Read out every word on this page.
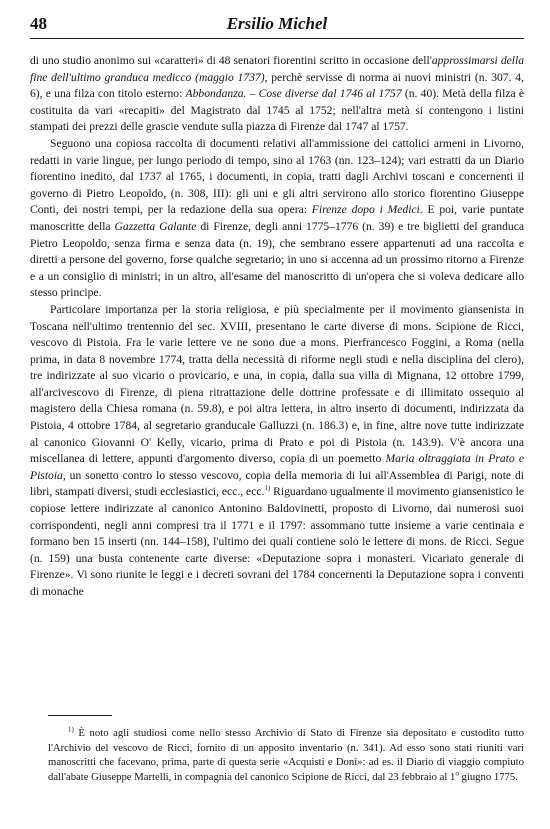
48	Ersilio Michel

di uno studio anonimo sui «caratteri» di 48 senatori fiorentini scritto in occasione dell'approssimarsi della fine dell'ultimo granduca medicco (maggio 1737), perchè servisse di norma ai nuovi ministri (n. 307. 4, 6), e una filza con titolo esterno: Abbondanza. – Cose diverse dal 1746 al 1757 (n. 40). Metà della filza è costituita da vari «recapiti» del Magistrato dal 1745 al 1752; nell'altra metà si contengono i listini stampati dei prezzi delle grascie vendute sulla piazza di Firenze dal 1747 al 1757.

Seguono una copiosa raccolta di documenti relativi all'ammissione dei cattolici armeni in Livorno, redatti in varie lingue, per lungo periodo di tempo, sino al 1763 (nn. 123–124); vari estratti da un Diario fiorentino inedito, dal 1737 al 1765, i documenti, in copia, tratti dagli Archivi toscani e concernenti il governo di Pietro Leopoldo, (n. 308, III): gli uni e gli altri servirono allo storico fiorentino Giuseppe Conti, dei nostri tempi, per la redazione della sua opera: Firenze dopo i Medici. E poi, varie puntate manoscritte della Gazzetta Galante di Firenze, degli anni 1775–1776 (n. 39) e tre biglietti del granduca Pietro Leopoldo, senza firma e senza data (n. 19), che sembrano essere appartenuti ad una raccolta e diretti a persone del governo, forse qualche segretario; in uno si accenna ad un prossimo ritorno a Firenze e a un consiglio di ministri; in un altro, all'esame del manoscritto di un'opera che si voleva dedicare allo stesso principe.

Particolare importanza per la storia religiosa, e più specialmente per il movimento giansenista in Toscana nell'ultimo trentennio del sec. XVIII, presentano le carte diverse di mons. Scipione de Ricci, vescovo di Pistoia. Fra le varie lettere ve ne sono due a mons. Pierfrancesco Foggini, a Roma (nella prima, in data 8 novembre 1774, tratta della necessità di riforme negli studi e nella disciplina del clero), tre indirizzate al suo vicario o provicario, e una, in copia, dalla sua villa di Mignana, 12 ottobre 1799, all'arcivescovo di Firenze, di piena ritrattazione delle dottrine professate e di illimitato ossequio al magistero della Chiesa romana (n. 59.8), e poi altra lettera, in altro inserto di documenti, indirizzata da Pistoia, 4 ottobre 1784, al segretario granducale Galluzzi (n. 186.3) e, in fine, altre nove tutte indirizzate al canonico Giovanni O' Kelly, vicario, prima di Prato e poi di Pistoia (n. 143.9). V'è ancora una miscellanea di lettere, appunti d'argomento diverso, copia di un poemetto Maria oltraggiata in Prato e Pistoia, un sonetto contro lo stesso vescovo, copia della memoria di lui all'Assemblea di Parigi, note di libri, stampati diversi, studi ecclesiastici, ecc., ecc.$^{1)}$ Riguardano ugualmente il movimento giansenistico le copiose lettere indirizzate al canonico Antonino Baldovinetti, proposto di Livorno, dai numerosi suoi corrispondenti, negli anni compresi tra il 1771 e il 1797: assommano tutte insieme a varie centinaia e formano ben 15 inserti (nn. 144–158), l'ultimo dei quali contiene solo le lettere di mons. de Ricci. Segue (n. 159) una busta contenente carte diverse: «Deputazione sopra i monasteri. Vicariato generale di Firenze». Vi sono riunite le leggi e i decreti sovrani del 1784 concernenti la Deputazione sopra i conventi di monache

$^{1)}$ È noto agli studiosi come nello stesso Archivio di Stato di Firenze sia depositato e custodito tutto l'Archivio del vescovo de Ricci, fornito di un apposito inventario (n. 341). Ad esso sono stati riuniti vari manoscritti che facevano, prima, parte di questa serie «Acquisti e Doni»: ad es. il Diario di viaggio compiuto dall'abate Giuseppe Martelli, in compagnia del canonico Scipione de Ricci, dal 23 febbraio al 1$^o$ giugno 1775.
